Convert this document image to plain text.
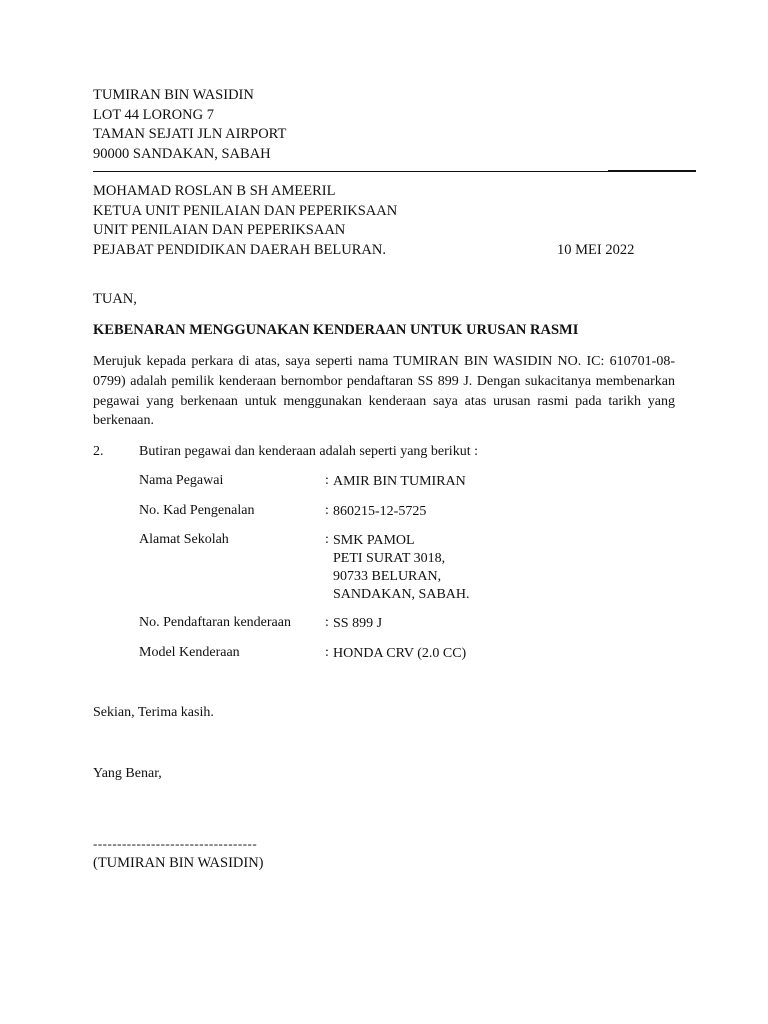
TUMIRAN BIN WASIDIN
LOT 44 LORONG 7
TAMAN SEJATI JLN AIRPORT
90000 SANDAKAN, SABAH
MOHAMAD ROSLAN B SH AMEERIL
KETUA UNIT PENILAIAN DAN PEPERIKSAAN
UNIT PENILAIAN DAN PEPERIKSAAN
PEJABAT PENDIDIKAN DAERAH BELURAN.	10 MEI 2022
TUAN,
KEBENARAN MENGGUNAKAN KENDERAAN UNTUK URUSAN RASMI
Merujuk kepada perkara di atas, saya seperti nama TUMIRAN BIN WASIDIN NO. IC: 610701-08-0799) adalah pemilik kenderaan bernombor pendaftaran SS 899 J. Dengan sukacitanya membenarkan pegawai yang berkenaan untuk menggunakan kenderaan saya atas urusan rasmi pada tarikh yang berkenaan.
2.	Butiran pegawai dan kenderaan adalah seperti yang berikut :
Nama Pegawai	: AMIR BIN TUMIRAN
No. Kad Pengenalan	: 860215-12-5725
Alamat Sekolah	: SMK PAMOL
PETI SURAT 3018,
90733 BELURAN,
SANDAKAN, SABAH.
No. Pendaftaran kenderaan : SS 899 J
Model Kenderaan	: HONDA CRV (2.0 CC)
Sekian, Terima kasih.
Yang Benar,
----------------------------------
(TUMIRAN BIN WASIDIN)
